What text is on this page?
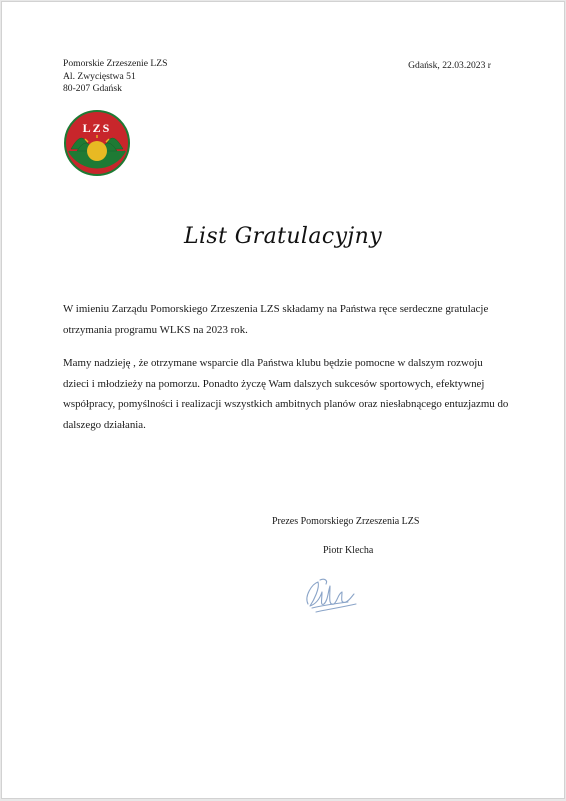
Pomorskie Zrzeszenie LZS
Al. Zwycięstwa 51
80-207 Gdańsk
Gdańsk, 22.03.2023 r
LZS
List Gratulacyjny

W imieniu Zarządu Pomorskiego Zrzeszenia LZS składamy na Państwa ręce serdeczne gratulacje otrzymania programu WLKS na 2023 rok.

Mamy nadzieję , że otrzymane wsparcie dla Państwa klubu będzie pomocne w dalszym rozwoju dzieci i młodzieży na pomorzu. Ponadto życzę Wam dalszych sukcesów sportowych, efektywnej współpracy, pomyślności i realizacji wszystkich ambitnych planów oraz niesłabnącego entuzjazmu do dalszego działania.

Prezes Pomorskiego Zrzeszenia LZS
Piotr Klecha
